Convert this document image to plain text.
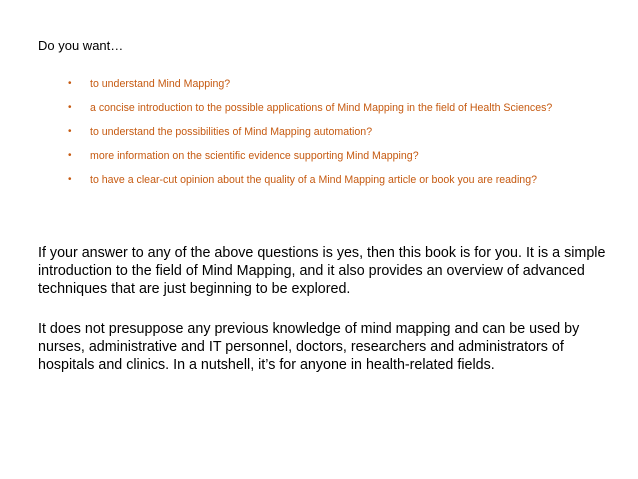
Do you want…

• to understand Mind Mapping?
• a concise introduction to the possible applications of Mind Mapping in the field of Health Sciences?
• to understand the possibilities of Mind Mapping automation?
• more information on the scientific evidence supporting Mind Mapping?
• to have a clear-cut opinion about the quality of a Mind Mapping article or book you are reading?

If your answer to any of the above questions is yes, then this book is for you. It is a simple introduction to the field of Mind Mapping, and it also provides an overview of advanced techniques that are just beginning to be explored.

It does not presuppose any previous knowledge of mind mapping and can be used by nurses, administrative and IT personnel, doctors, researchers and administrators of hospitals and clinics. In a nutshell, it’s for anyone in health-related fields.
